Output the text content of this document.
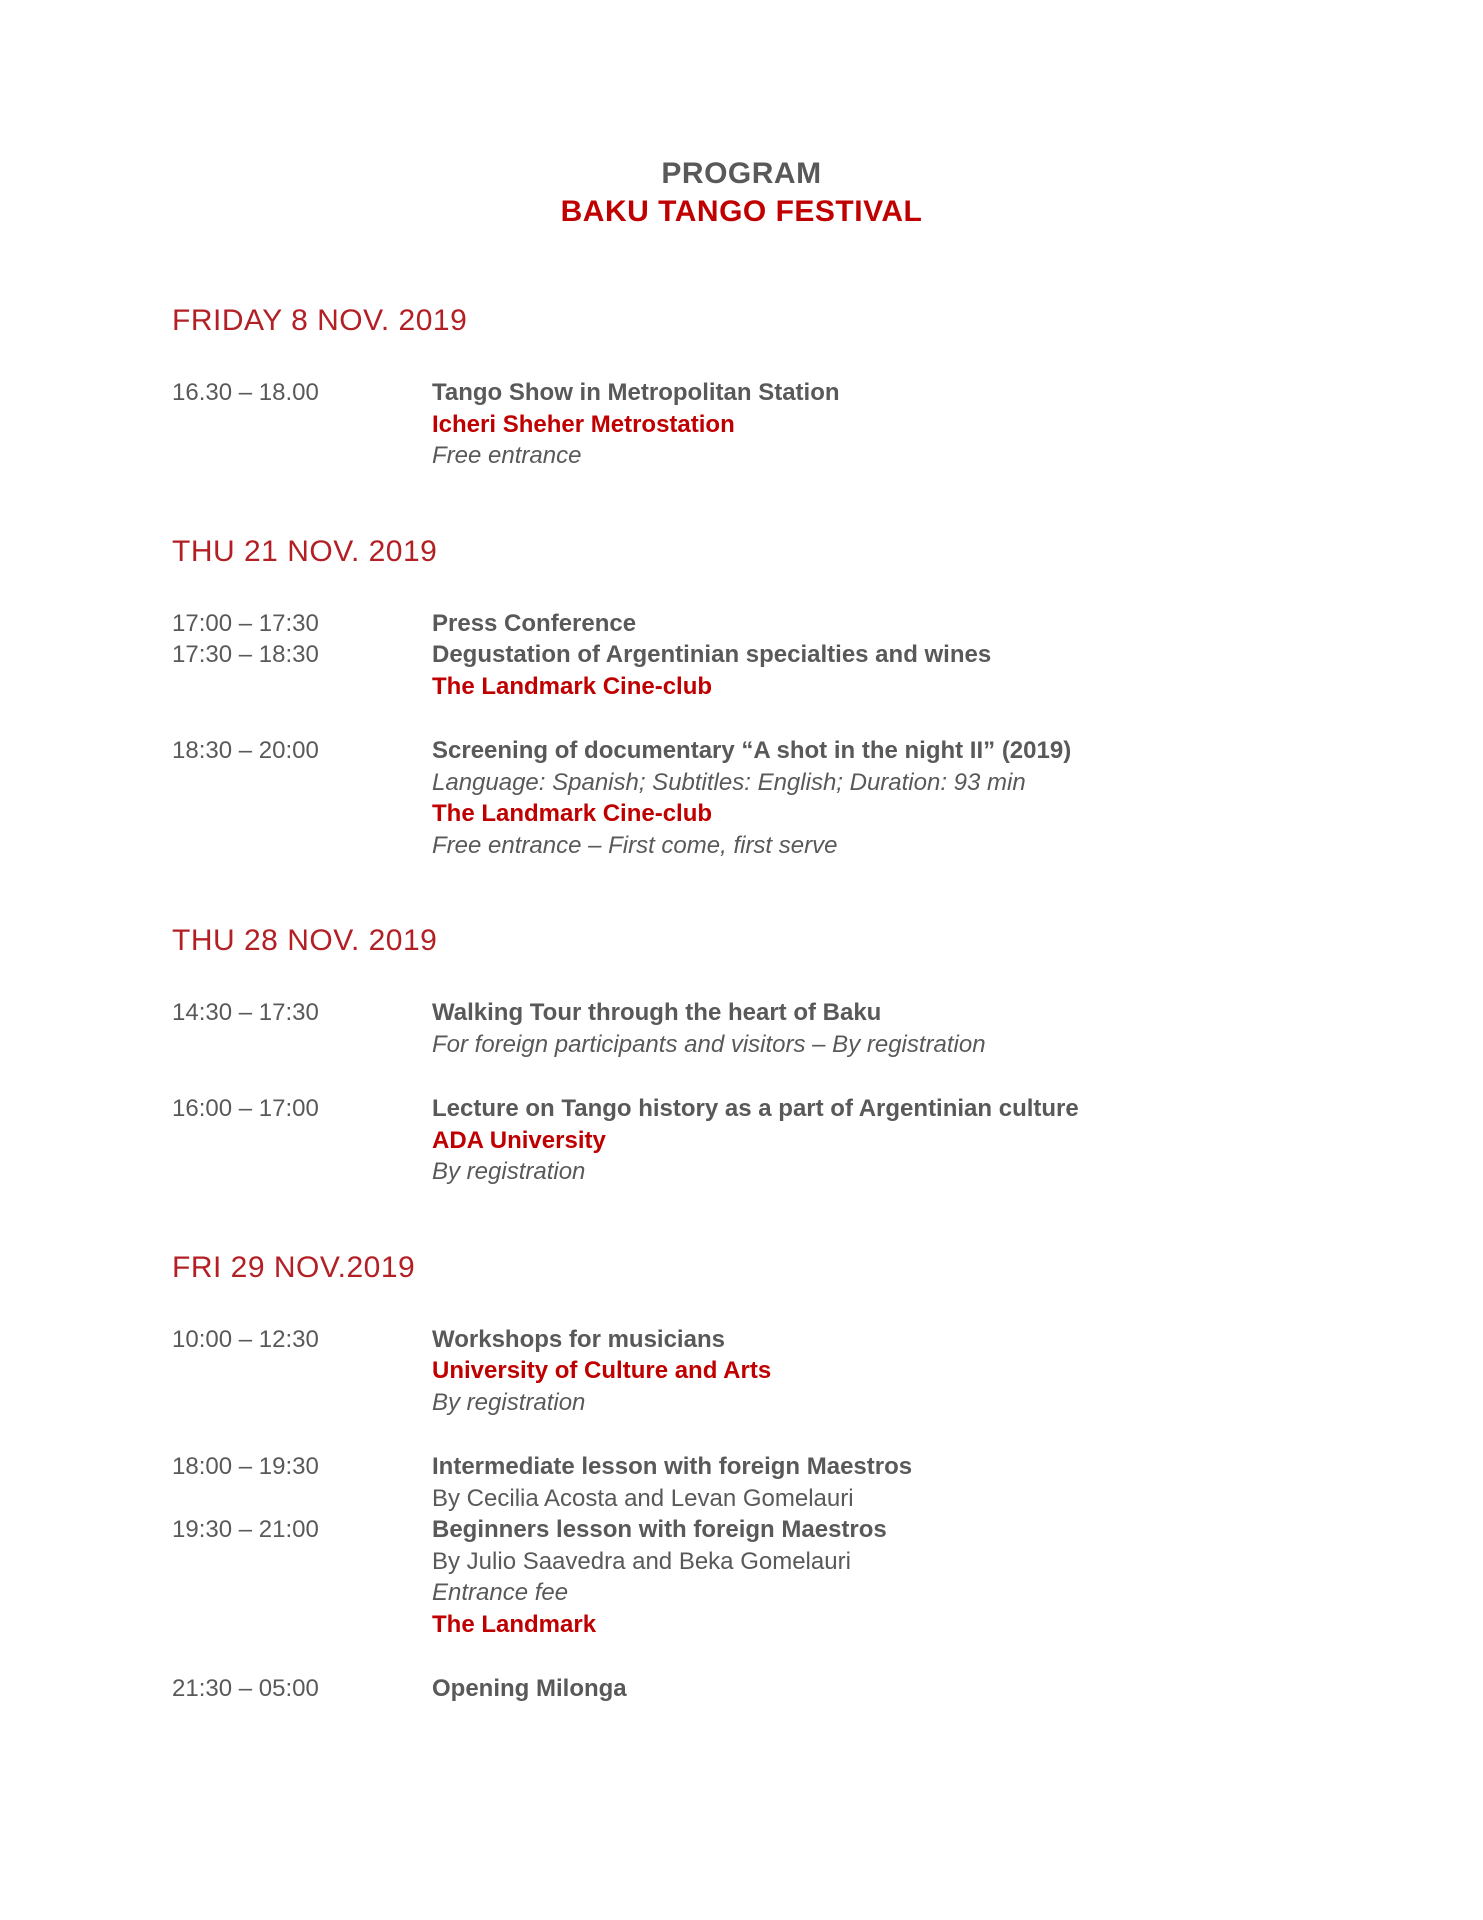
PROGRAM
BAKU TANGO FESTIVAL
FRIDAY 8 NOV. 2019
16.30 – 18.00	Tango Show in Metropolitan Station
Icheri Sheher Metrostation
Free entrance
THU 21 NOV. 2019
17:00 – 17:30	Press Conference
17:30 – 18:30	Degustation of Argentinian specialties and wines
The Landmark Cine-club
18:30 – 20:00	Screening of documentary “A shot in the night II” (2019)
Language: Spanish; Subtitles: English; Duration: 93 min
The Landmark Cine-club
Free entrance – First come, first serve
THU 28 NOV. 2019
14:30 – 17:30	Walking Tour through the heart of Baku
For foreign participants and visitors – By registration
16:00 – 17:00	Lecture on Tango history as a part of Argentinian culture
ADA University
By registration
FRI 29 NOV.2019
10:00 – 12:30	Workshops for musicians
University of Culture and Arts
By registration
18:00 – 19:30	Intermediate lesson with foreign Maestros
By Cecilia Acosta and Levan Gomelauri
19:30 – 21:00	Beginners lesson with foreign Maestros
By Julio Saavedra and Beka Gomelauri
Entrance fee
The Landmark
21:30 – 05:00	Opening Milonga
